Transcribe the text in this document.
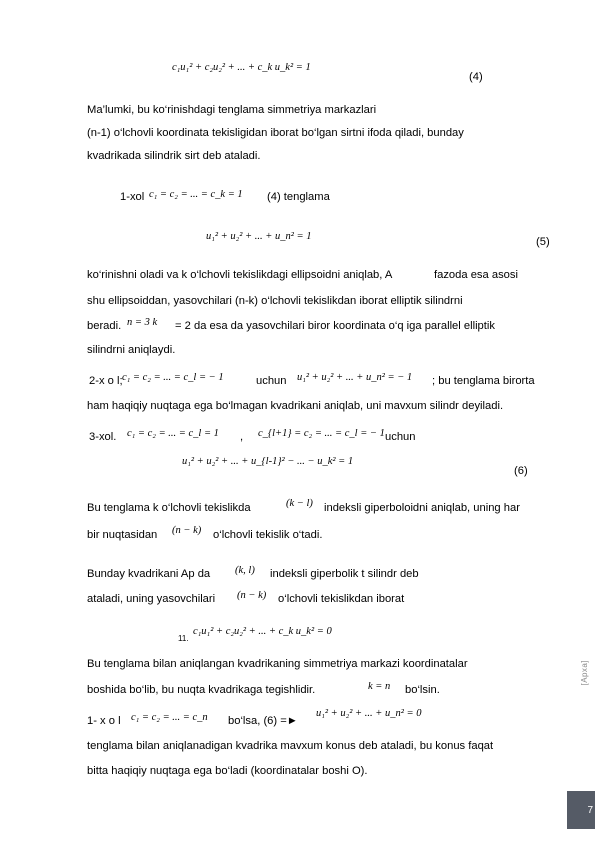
c₁u₁² + c₂u₂² + ... + c_k u_k² = 1
(4)
Ma’lumki, bu ko‘rinishdagi tenglama simmetriya markazlari
(n-1) o‘lchovli koordinata tekisligidan iborat bo‘lgan sirtni ifoda qiladi, bunday
kvadrikada silindrik sirt deb ataladi.
1-xol c₁ = c₂ = ... = c_k = 1 (4) tenglama
u₁² + u₂² + ... + u_n² = 1	(5)
ko‘rinishni oladi va k o‘lchovli tekislikdagi ellipsoidni aniqlab, A	fazoda esa asosi
shu ellipsoiddan, yasovchilari (n-k) o‘lchovli tekislikdan iborat elliptik silindrni
beradi. n = 3 k = 2 da esa da yasovchilari biror koordinata o‘q iga parallel elliptik
silindrni aniqlaydi.
2-x o l; c₁ = c₂ = ... = c_l = − 1	uchun u₁² + u₂² + ... + u_n² = − 1 ; bu tenglama birorta
ham haqiqiy nuqtaga ega bo‘lmagan kvadrikani aniqlab, uni mavxum silindr deyiladi.
3-xol. c₁ = c₂ = ... = c_l = 1 , c_{l+1} = c₂ = ... = c_l = − 1 uchun
u₁² + u₂² + ... + u_{l-1}² − ... − u_k² = 1
(6)
Bu tenglama k o‘lchovli tekislikda	(k − l) indeksli giperboloidni aniqlab, uning har
bir nuqtasidan (n − k) o‘lchovli tekislik o‘tadi.
Bunday kvadrikani Ap da (k, l) indeksli giperbolik t silindr deb
ataladi, uning yasovchilari (n − k) o‘lchovli tekislikdan iborat
11.
c₁u₁² + c₂u₂² + ... + c_k u_k² = 0
Bu tenglama bilan aniqlangan kvadrikaning simmetriya markazi koordinatalar
boshida bo‘lib, bu nuqta kvadrikaga tegishlidir.	k = n bo‘lsin.
1- x o l c₁ = c₂ = ... = c_n bo‘lsa, (6) =►
u₁² + u₂² + ... + u_n² = 0
tenglama bilan aniqlanadigan kvadrika mavxum konus deb ataladi, bu konus faqat
bitta haqiqiy nuqtaga ega bo‘ladi (koordinatalar boshi O).
[Aрха]
7
